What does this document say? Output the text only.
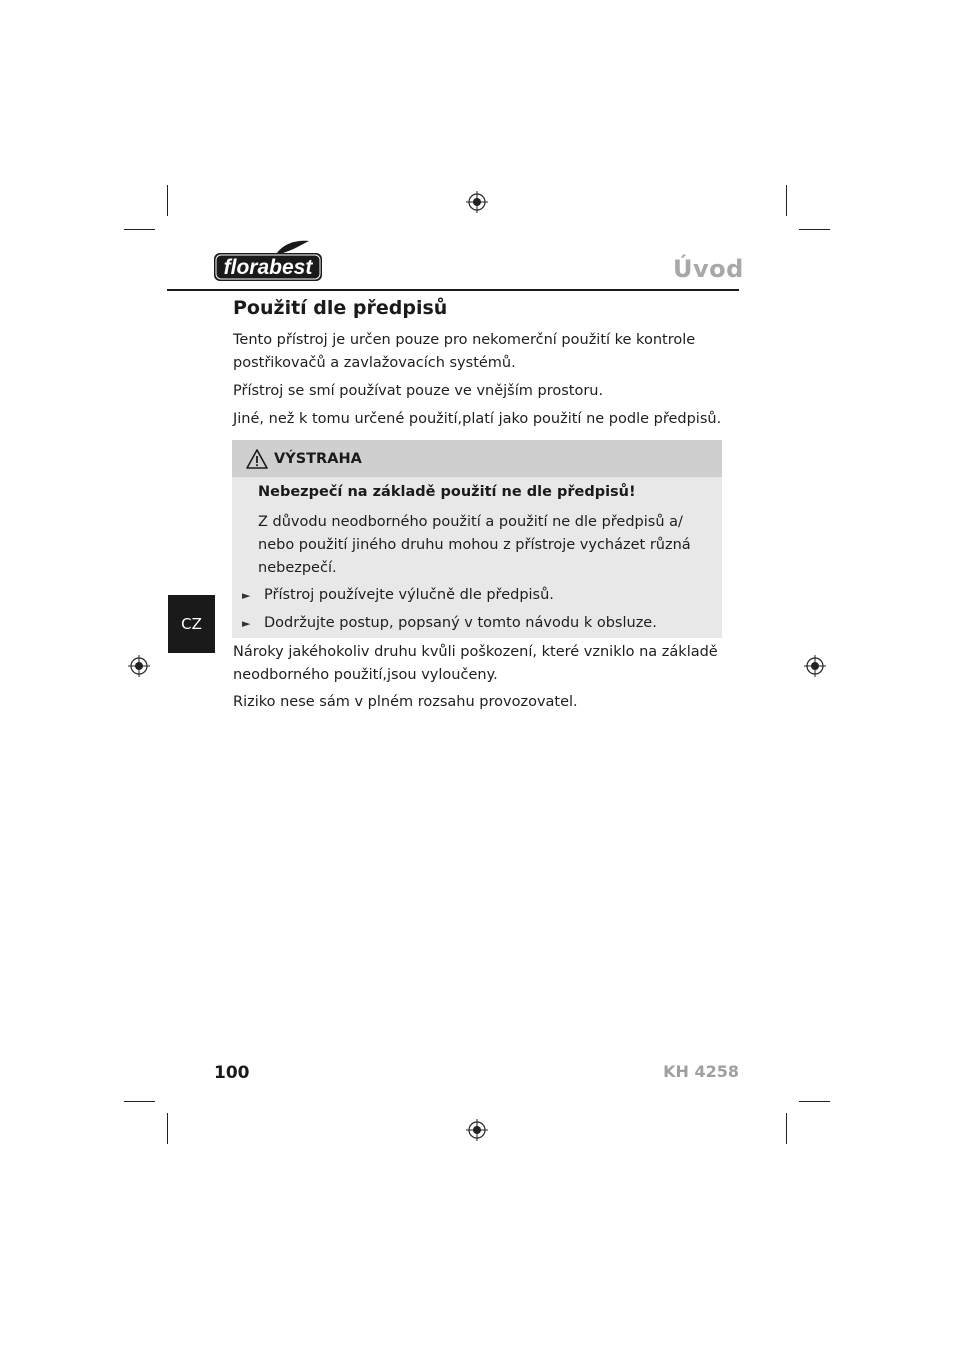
florabest	Úvod
Použití dle předpisů
Tento přístroj je určen pouze pro nekomerční použití ke kontrole postřikovačů a zavlažovacích systémů.
Přístroj se smí používat pouze ve vnějším prostoru.
Jiné, než k tomu určené použití,platí jako použití ne podle předpisů.
VÝSTRAHA
Nebezpečí na základě použití ne dle předpisů!
Z důvodu neodborného použití a použití ne dle předpisů a/ nebo použití jiného druhu mohou z přístroje vycházet různá nebezpečí.
► Přístroj používejte výlučně dle předpisů.
► Dodržujte postup, popsaný v tomto návodu k obsluze.
Nároky jakéhokoliv druhu kvůli poškození, které vzniklo na základě neodborného použití,jsou vyloučeny.
Riziko nese sám v plném rozsahu provozovatel.
CZ
100	KH 4258
